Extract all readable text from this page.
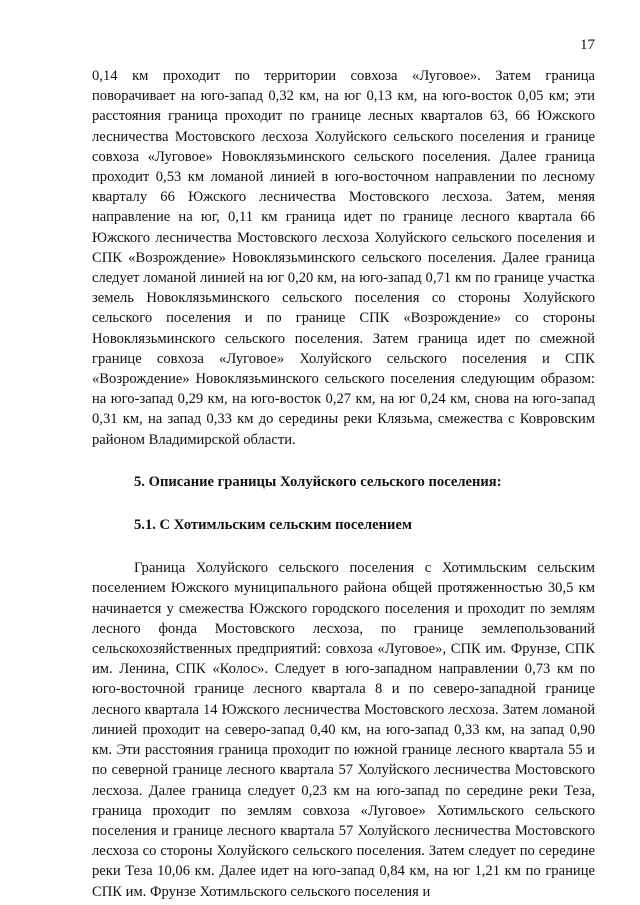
17

0,14 км проходит по территории совхоза «Луговое». Затем граница поворачивает на юго-запад 0,32 км, на юг 0,13 км, на юго-восток 0,05 км; эти расстояния граница проходит по границе лесных кварталов 63, 66 Южского лесничества Мостовского лесхоза Холуйского сельского поселения и границе совхоза «Луговое» Новоклязьминского сельского поселения. Далее граница проходит 0,53 км ломаной линией в юго-восточном направлении по лесному кварталу 66 Южского лесничества Мостовского лесхоза. Затем, меняя направление на юг, 0,11 км граница идет по границе лесного квартала 66 Южского лесничества Мостовского лесхоза Холуйского сельского поселения и СПК «Возрождение» Новоклязьминского сельского поселения. Далее граница следует ломаной линией на юг 0,20 км, на юго-запад 0,71 км по границе участка земель Новоклязьминского сельского поселения со стороны Холуйского сельского поселения и по границе СПК «Возрождение» со стороны Новоклязьминского сельского поселения. Затем граница идет по смежной границе совхоза «Луговое» Холуйского сельского поселения и СПК «Возрождение» Новоклязьминского сельского поселения следующим образом: на юго-запад 0,29 км, на юго-восток 0,27 км, на юг 0,24 км, снова на юго-запад 0,31 км, на запад 0,33 км до середины реки Клязьма, смежества с Ковровским районом Владимирской области.

5. Описание границы Холуйского сельского поселения:

5.1. С Хотимльским сельским поселением

Граница Холуйского сельского поселения с Хотимльским сельским поселением Южского муниципального района общей протяженностью 30,5 км начинается у смежества Южского городского поселения и проходит по землям лесного фонда Мостовского лесхоза, по границе землепользований сельскохозяйственных предприятий: совхоза «Луговое», СПК им. Фрунзе, СПК им. Ленина, СПК «Колос». Следует в юго-западном направлении 0,73 км по юго-восточной границе лесного квартала 8 и по северо-западной границе лесного квартала 14 Южского лесничества Мостовского лесхоза. Затем ломаной линией проходит на северо-запад 0,40 км, на юго-запад 0,33 км, на запад 0,90 км. Эти расстояния граница проходит по южной границе лесного квартала 55 и по северной границе лесного квартала 57 Холуйского лесничества Мостовского лесхоза. Далее граница следует 0,23 км на юго-запад по середине реки Теза, граница проходит по землям совхоза «Луговое» Хотимльского сельского поселения и границе лесного квартала 57 Холуйского лесничества Мостовского лесхоза со стороны Холуйского сельского поселения. Затем следует по середине реки Теза 10,06 км. Далее идет на юго-запад 0,84 км, на юг 1,21 км по границе СПК им. Фрунзе Хотимльского сельского поселения и
